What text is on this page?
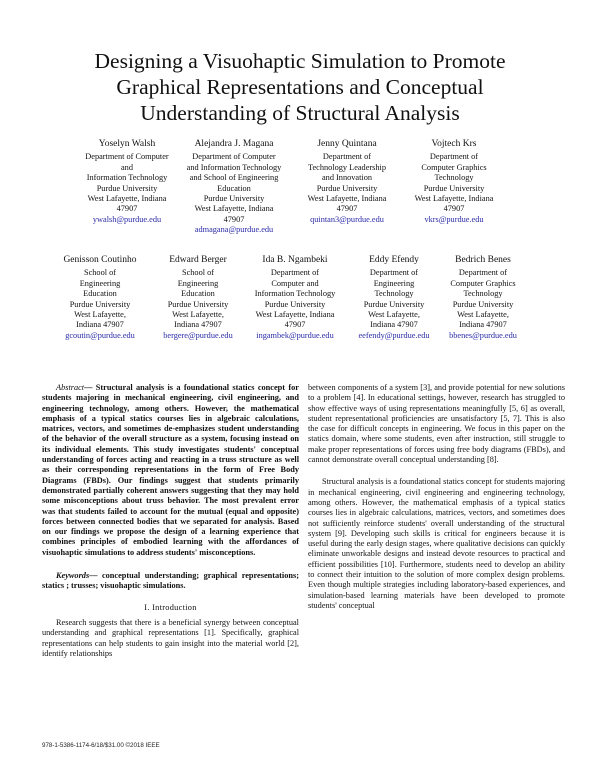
Designing a Visuohaptic Simulation to Promote
Graphical Representations and Conceptual
Understanding of Structural Analysis
Yoselyn Walsh
Department of Computer
and
Information Technology
Purdue University
West Lafayette, Indiana
47907
ywalsh@purdue.edu
Alejandra J. Magana
Department of Computer
and Information Technology
and School of Engineering
Education
Purdue University
West Lafayette, Indiana
47907
admagana@purdue.edu
Jenny Quintana
Department of
Technology Leadership
and Innovation
Purdue University
West Lafayette, Indiana
47907
quintan3@purdue.edu
Vojtech Krs
Department of
Computer Graphics
Technology
Purdue University
West Lafayette, Indiana
47907
vkrs@purdue.edu
Genisson Coutinho
School of
Engineering
Education
Purdue University
West Lafayette,
Indiana 47907
gcoutin@purdue.edu
Edward Berger
School of
Engineering
Education
Purdue University
West Lafayette,
Indiana 47907
bergere@purdue.edu
Ida B. Ngambeki
Department of
Computer and
Information Technology
Purdue University
West Lafayette, Indiana
47907
ingambek@purdue.edu
Eddy Efendy
Department of
Engineering
Technology
Purdue University
West Lafayette,
Indiana 47907
eefendy@purdue.edu
Bedrich Benes
Department of
Computer Graphics
Technology
Purdue University
West Lafayette,
Indiana 47907
bbenes@purdue.edu

Abstract— Structural analysis is a foundational statics concept for students majoring in mechanical engineering, civil engineering, and engineering technology, among others. However, the mathematical emphasis of a typical statics courses lies in algebraic calculations, matrices, vectors, and sometimes de-emphasizes student understanding of the behavior of the overall structure as a system, focusing instead on its individual elements. This study investigates students' conceptual understanding of forces acting and reacting in a truss structure as well as their corresponding representations in the form of Free Body Diagrams (FBDs). Our findings suggest that students primarily demonstrated partially coherent answers suggesting that they may hold some misconceptions about truss behavior. The most prevalent error was that students failed to account for the mutual (equal and opposite) forces between connected bodies that we separated for analysis. Based on our findings we propose the design of a learning experience that combines principles of embodied learning with the affordances of visuohaptic simulations to address students' misconceptions.

Keywords— conceptual understanding; graphical representations; statics ; trusses; visuohaptic simulations.

I. Introduction

Research suggests that there is a beneficial synergy between conceptual understanding and graphical representations [1]. Specifically, graphical representations can help students to gain insight into the material world [2], identify relationships

between components of a system [3], and provide potential for new solutions to a problem [4]. In educational settings, however, research has struggled to show effective ways of using representations meaningfully [5, 6] as overall, student representational proficiencies are unsatisfactory [5, 7]. This is also the case for difficult concepts in engineering. We focus in this paper on the statics domain, where some students, even after instruction, still struggle to make proper representations of forces using free body diagrams (FBDs), and cannot demonstrate overall conceptual understanding [8].

Structural analysis is a foundational statics concept for students majoring in mechanical engineering, civil engineering and engineering technology, among others. However, the mathematical emphasis of a typical statics courses lies in algebraic calculations, matrices, vectors, and sometimes does not sufficiently reinforce students' overall understanding of the structural system [9]. Developing such skills is critical for engineers because it is useful during the early design stages, where qualitative decisions can quickly eliminate unworkable designs and instead devote resources to practical and efficient possibilities [10]. Furthermore, students need to develop an ability to connect their intuition to the solution of more complex design problems. Even though multiple strategies including laboratory-based experiences, and simulation-based learning materials have been developed to promote students' conceptual

978-1-5386-1174-6/18/$31.00 ©2018 IEEE
